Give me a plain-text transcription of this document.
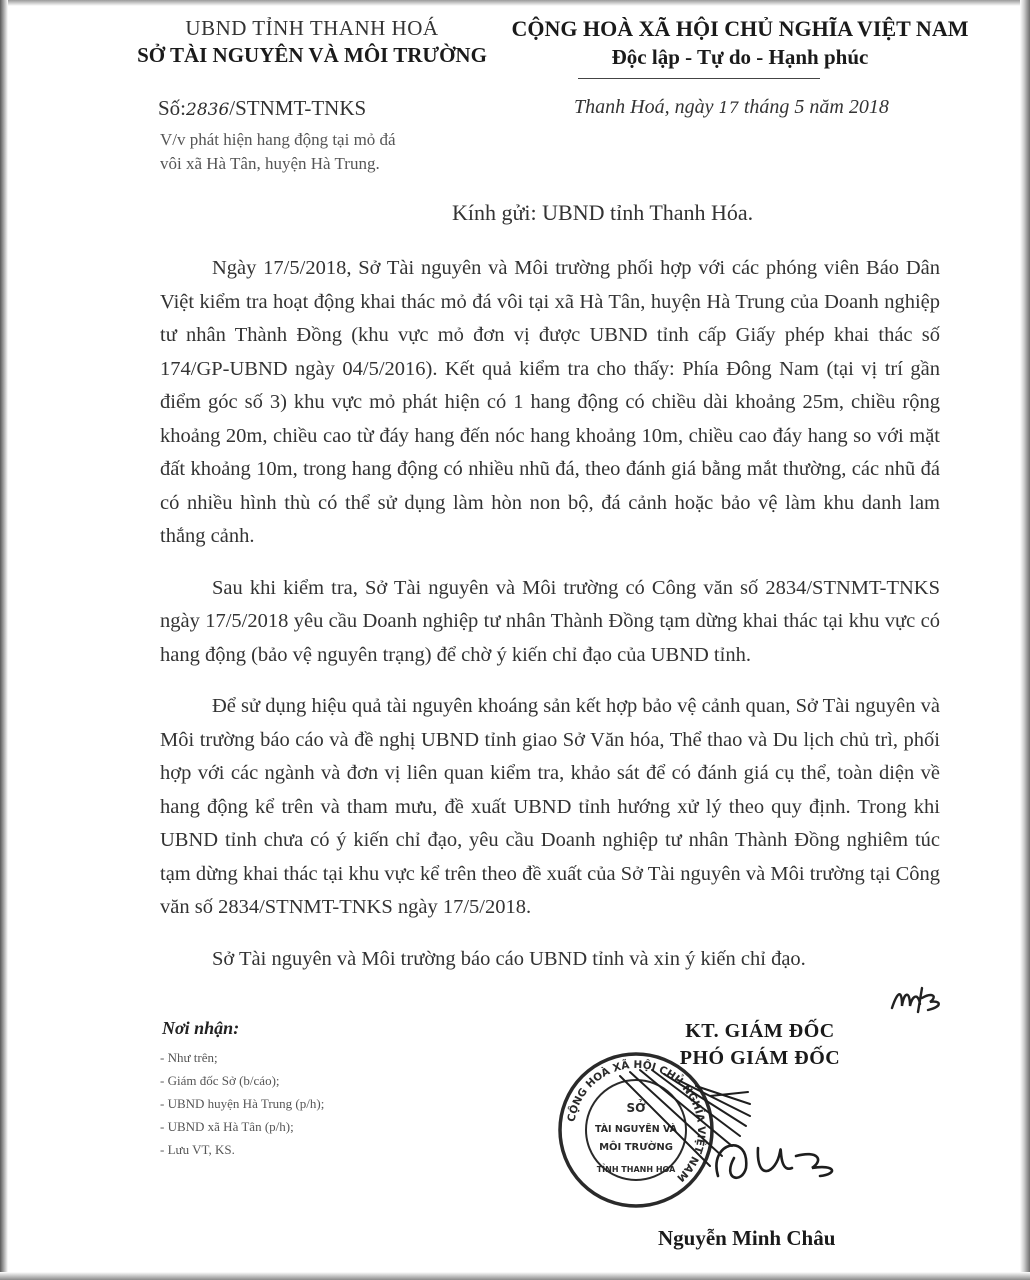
UBND TỈNH THANH HOÁ
SỞ TÀI NGUYÊN VÀ MÔI TRƯỜNG
CỘNG HOÀ XÃ HỘI CHỦ NGHĨA VIỆT NAM
Độc lập - Tự do - Hạnh phúc
Số:2836/STNMT-TNKS	Thanh Hoá, ngày 17 tháng 5 năm 2018
V/v phát hiện hang động tại mỏ đá
vôi xã Hà Tân, huyện Hà Trung.
Kính gửi: UBND tỉnh Thanh Hóa.

Ngày 17/5/2018, Sở Tài nguyên và Môi trường phối hợp với các phóng viên Báo Dân Việt kiểm tra hoạt động khai thác mỏ đá vôi tại xã Hà Tân, huyện Hà Trung của Doanh nghiệp tư nhân Thành Đồng (khu vực mỏ đơn vị được UBND tỉnh cấp Giấy phép khai thác số 174/GP-UBND ngày 04/5/2016). Kết quả kiểm tra cho thấy: Phía Đông Nam (tại vị trí gần điểm góc số 3) khu vực mỏ phát hiện có 1 hang động có chiều dài khoảng 25m, chiều rộng khoảng 20m, chiều cao từ đáy hang đến nóc hang khoảng 10m, chiều cao đáy hang so với mặt đất khoảng 10m, trong hang động có nhiều nhũ đá, theo đánh giá bằng mắt thường, các nhũ đá có nhiều hình thù có thể sử dụng làm hòn non bộ, đá cảnh hoặc bảo vệ làm khu danh lam thắng cảnh.

Sau khi kiểm tra, Sở Tài nguyên và Môi trường có Công văn số 2834/STNMT-TNKS ngày 17/5/2018 yêu cầu Doanh nghiệp tư nhân Thành Đồng tạm dừng khai thác tại khu vực có hang động (bảo vệ nguyên trạng) để chờ ý kiến chỉ đạo của UBND tỉnh.

Để sử dụng hiệu quả tài nguyên khoáng sản kết hợp bảo vệ cảnh quan, Sở Tài nguyên và Môi trường báo cáo và đề nghị UBND tỉnh giao Sở Văn hóa, Thể thao và Du lịch chủ trì, phối hợp với các ngành và đơn vị liên quan kiểm tra, khảo sát để có đánh giá cụ thể, toàn diện về hang động kể trên và tham mưu, đề xuất UBND tỉnh hướng xử lý theo quy định. Trong khi UBND tỉnh chưa có ý kiến chỉ đạo, yêu cầu Doanh nghiệp tư nhân Thành Đồng nghiêm túc tạm dừng khai thác tại khu vực kể trên theo đề xuất của Sở Tài nguyên và Môi trường tại Công văn số 2834/STNMT-TNKS ngày 17/5/2018.

Sở Tài nguyên và Môi trường báo cáo UBND tỉnh và xin ý kiến chỉ đạo.

Nơi nhận:
- Như trên;
- Giám đốc Sở (b/cáo);
- UBND huyện Hà Trung (p/h);
- UBND xã Hà Tân (p/h);
- Lưu VT, KS.
KT. GIÁM ĐỐC
PHÓ GIÁM ĐỐC
CỘNG HOÀ XÃ HỘI CHỦ NGHĨA VIỆT NAM
SỞ
TÀI NGUYÊN VÀ
MÔI TRƯỜNG
TỈNH THANH HOÁ
Nguyễn Minh Châu
